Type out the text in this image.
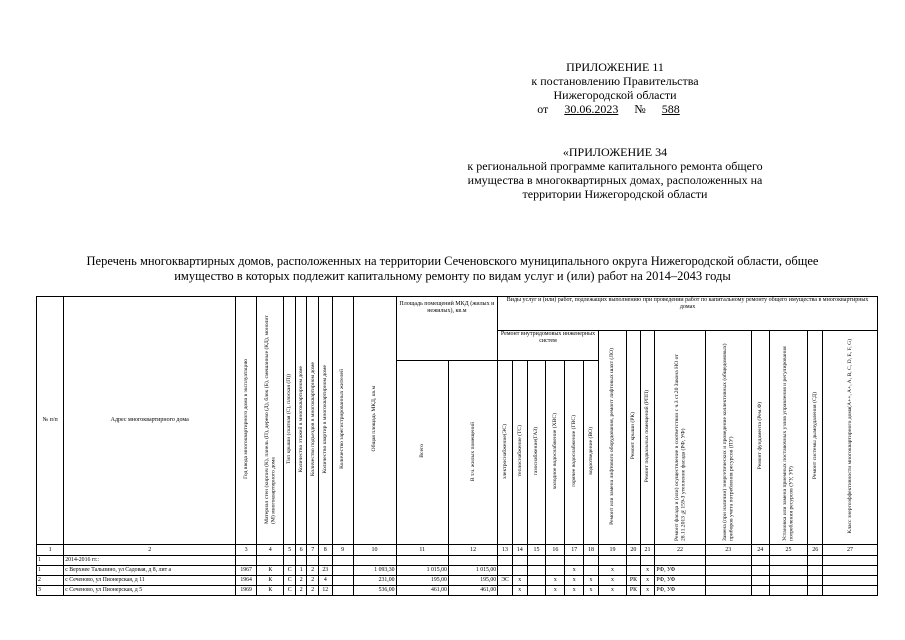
ПРИЛОЖЕНИЕ 11
к постановлению Правительства
Нижегородской области
от 30.06.2023 № 588
«ПРИЛОЖЕНИЕ 34
к региональной программе капитального ремонта общего
имущества в многоквартирных домах, расположенных на
территории Нижегородской области
Перечень многоквартирных домов, расположенных на территории Сеченовского муниципального округа Нижегородской области, общее
имущество в которых подлежит капитальному ремонту по видам услуг и (или) работ на 2014–2043 годы
№ п/п	Адрес многоквартирного дома	Год ввода многоквартирного дома в эксплуатацию	Материал стен (кирпич (К), панель (П), дерево (Д), блок (Б), смешанные (КД), монолит (М) многоквартирного дома	Тип крыши (скатная (С), плоская (П))	Количество этажей в многоквартирном доме	Количество подъездов в многоквартирном доме	Количество квартир в многоквартирном доме	Количество зарегистрированных жителей	Общая площадь МКД, кв.м	Площадь помещений МКД (жилых и нежилых), кв.м		Виды услуг и (или) работ, подлежащих выполнению при проведении работ по капитальному ремонту общего имущества в многоквартирных домах														
												Ремонт внутридомовых инженерных систем						Ремонт или замена лифтового оборудования, ремонт лифтовых шахт (ЛО)	Ремонт крыши (РК)	Ремонт подвальных помещений (РПП)	Ремонт фасада и (или) осуществление в соответствии с ч.3 ст.20 Закона НО от 28.11.2013 №159-З утепление фасада (РФ, УФ)	Замена (при наличии) энергетических и проведение коллективных (общедомовых) приборов учета потребления ресурсов (ПУ)	Ремонт фундамента (Рем.Ф)	Установка или замена приемных поставочных узлов управления и регулирования потребления ресурсов (УУ, УР)	Ремонт системы дымоудаления (СД)	Класс энергоэффективности многоквартирного дома(A++, A+, A, B, C, D, E, F, G)
										Всего	В т.ч. жилых помещений	электроснабжение(ЭС)	теплоснабжение (ТС)	газоснабжение(ГАЗ)	холодное водоснабжение (ХВС)	горячее водоснабжение (ГВС)	водоотведение (ВО)									
1	2	3	4	5	6	7	8	9	10	11	12	13	14	15	16	17	18	19	20	21	22	23	24	25	26	27
1	2014-2016 гг.:																									
1	с Верхнее Талызино, ул Садовая, д 8, лит а	1967	К	С	1	2	23		1 093,30	1 015,00	1 015,00					x		x		x	РФ, УФ					
2	с Сеченово, ул Пионерская, д 11	1964	К	С	2	2	4		231,00	195,00	195,00	ЭС	x		x	x	x	x	РК	x	РФ, УФ					
3	с Сеченово, ул Пионерская, д 5	1969	К	С	2	2	12		536,00	461,00	461,00		x		x	x	x	x	РК	x	РФ, УФ					
